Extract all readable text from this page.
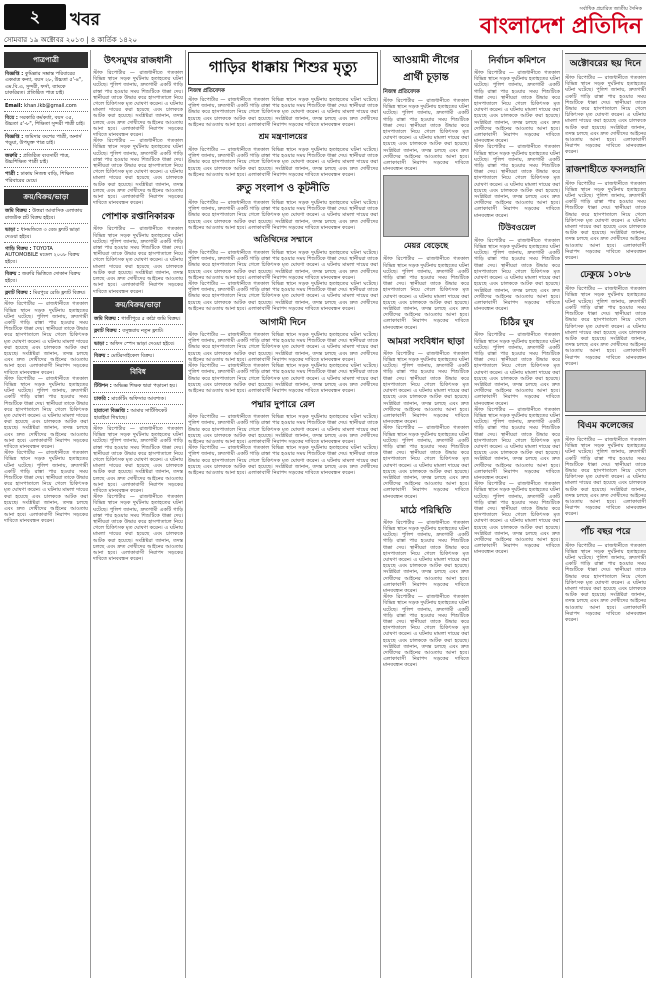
২	খবর
সোমবার ১৯ অক্টোবর ২০১৩ | ৪ কার্তিক ১৪২০
সর্বাধিক প্রচারিত জাতীয় দৈনিক
বাংলাদেশ প্রতিদিন
পাত্রপাত্রী
বিজ্ঞপ্তি : কুমিল্লার সম্ভ্রান্ত পরিবারের একমাত্র কন্যা, বয়স ২৮, উচ্চতা ৫'-৪", এম.বি.এ, সুন্দরী, ফর্সা, ব্যাংকে চাকরিরত। প্রতিষ্ঠিত পাত্র চাই।
Email: khan.ikb@gmail.com
বিয়ে : সরকারি কর্মকর্তা, বয়স ৩৫, উচ্চতা ৫'-৮", শিক্ষিতা সুন্দরী পাত্রী চাই।
বিজ্ঞপ্তি : জমিদার বংশের পাত্রী, অনার্স পড়ুয়া, উপযুক্ত পাত্র চাই।
জরুরি : প্রতিষ্ঠিত ব্যবসায়ী পাত্র, উচ্চশিক্ষিত পাত্রী চাই।
পাত্রী : ঢাকায় নিজস্ব বাড়ি, শিক্ষিত পরিবারের মেয়ে।
ক্রয়/বিক্রয়/ভাড়া
জমি বিক্রয় : উত্তরা আবাসিক এলাকায় রাজউক প্লট বিক্রয় হইবে।
ভাড়া : ধানমন্ডিতে ৩ বেড ফ্ল্যাট ভাড়া দেওয়া হইবে।
গাড়ি বিক্রয় : TOYOTA AUTOMOBILE মডেল ২০০৮ বিক্রয় হইবে।
বিক্রয় : জরুরি ভিত্তিতে দোকান বিক্রয় হইবে।
ফ্ল্যাট বিক্রয় : মিরপুরে রেডি ফ্ল্যাট বিক্রয়।
স্টাফ রিপোর্টার — রাজধানীতে গতকাল বিভিন্ন স্থানে সড়ক দুর্ঘটনায় হতাহতের ঘটনা ঘটেছে। পুলিশ জানায়, দ্রুতগামী একটি গাড়ি রাস্তা পার হওয়ার সময় শিশুটিকে ধাক্কা দেয়। স্থানীয়রা তাকে উদ্ধার করে হাসপাতালে নিয়ে গেলে চিকিৎসক মৃত ঘোষণা করেন। এ ঘটনায় মামলা দায়ের করা হয়েছে এবং চালককে আটক করা হয়েছে। সংশ্লিষ্টরা জানান, তদন্ত চলছে এবং দ্রুত দোষীদের আইনের আওতায় আনা হবে। এলাকাবাসী নিরাপদ সড়কের দাবিতে মানববন্ধন করেন।
স্টাফ রিপোর্টার — রাজধানীতে গতকাল বিভিন্ন স্থানে সড়ক দুর্ঘটনায় হতাহতের ঘটনা ঘটেছে। পুলিশ জানায়, দ্রুতগামী একটি গাড়ি রাস্তা পার হওয়ার সময় শিশুটিকে ধাক্কা দেয়। স্থানীয়রা তাকে উদ্ধার করে হাসপাতালে নিয়ে গেলে চিকিৎসক মৃত ঘোষণা করেন। এ ঘটনায় মামলা দায়ের করা হয়েছে এবং চালককে আটক করা হয়েছে। সংশ্লিষ্টরা জানান, তদন্ত চলছে এবং দ্রুত দোষীদের আইনের আওতায় আনা হবে। এলাকাবাসী নিরাপদ সড়কের দাবিতে মানববন্ধন করেন।
স্টাফ রিপোর্টার — রাজধানীতে গতকাল বিভিন্ন স্থানে সড়ক দুর্ঘটনায় হতাহতের ঘটনা ঘটেছে। পুলিশ জানায়, দ্রুতগামী একটি গাড়ি রাস্তা পার হওয়ার সময় শিশুটিকে ধাক্কা দেয়। স্থানীয়রা তাকে উদ্ধার করে হাসপাতালে নিয়ে গেলে চিকিৎসক মৃত ঘোষণা করেন। এ ঘটনায় মামলা দায়ের করা হয়েছে এবং চালককে আটক করা হয়েছে। সংশ্লিষ্টরা জানান, তদন্ত চলছে এবং দ্রুত দোষীদের আইনের আওতায় আনা হবে। এলাকাবাসী নিরাপদ সড়কের দাবিতে মানববন্ধন করেন।
উৎসমুখর রাজধানী
স্টাফ রিপোর্টার — রাজধানীতে গতকাল বিভিন্ন স্থানে সড়ক দুর্ঘটনায় হতাহতের ঘটনা ঘটেছে। পুলিশ জানায়, দ্রুতগামী একটি গাড়ি রাস্তা পার হওয়ার সময় শিশুটিকে ধাক্কা দেয়। স্থানীয়রা তাকে উদ্ধার করে হাসপাতালে নিয়ে গেলে চিকিৎসক মৃত ঘোষণা করেন। এ ঘটনায় মামলা দায়ের করা হয়েছে এবং চালককে আটক করা হয়েছে। সংশ্লিষ্টরা জানান, তদন্ত চলছে এবং দ্রুত দোষীদের আইনের আওতায় আনা হবে। এলাকাবাসী নিরাপদ সড়কের দাবিতে মানববন্ধন করেন।
স্টাফ রিপোর্টার — রাজধানীতে গতকাল বিভিন্ন স্থানে সড়ক দুর্ঘটনায় হতাহতের ঘটনা ঘটেছে। পুলিশ জানায়, দ্রুতগামী একটি গাড়ি রাস্তা পার হওয়ার সময় শিশুটিকে ধাক্কা দেয়। স্থানীয়রা তাকে উদ্ধার করে হাসপাতালে নিয়ে গেলে চিকিৎসক মৃত ঘোষণা করেন। এ ঘটনায় মামলা দায়ের করা হয়েছে এবং চালককে আটক করা হয়েছে। সংশ্লিষ্টরা জানান, তদন্ত চলছে এবং দ্রুত দোষীদের আইনের আওতায় আনা হবে। এলাকাবাসী নিরাপদ সড়কের দাবিতে মানববন্ধন করেন।
পোশাক রপ্তানিকারক
স্টাফ রিপোর্টার — রাজধানীতে গতকাল বিভিন্ন স্থানে সড়ক দুর্ঘটনায় হতাহতের ঘটনা ঘটেছে। পুলিশ জানায়, দ্রুতগামী একটি গাড়ি রাস্তা পার হওয়ার সময় শিশুটিকে ধাক্কা দেয়। স্থানীয়রা তাকে উদ্ধার করে হাসপাতালে নিয়ে গেলে চিকিৎসক মৃত ঘোষণা করেন। এ ঘটনায় মামলা দায়ের করা হয়েছে এবং চালককে আটক করা হয়েছে। সংশ্লিষ্টরা জানান, তদন্ত চলছে এবং দ্রুত দোষীদের আইনের আওতায় আনা হবে। এলাকাবাসী নিরাপদ সড়কের দাবিতে মানববন্ধন করেন।
ক্রয়/বিক্রয়/ভাড়া
জমি বিক্রয় : গাজীপুরে ৫ কাঠা জমি বিক্রয়।
ফ্ল্যাট বিক্রয় : বসুন্ধরায় নতুন ফ্ল্যাট।
ভাড়া : অফিস স্পেস ভাড়া দেওয়া হইবে।
বিক্রয় : মোটরসাইকেল বিক্রয়।
বিবিধ
টিউশন : অভিজ্ঞ শিক্ষক দ্বারা পড়ানো হয়।
চাকরি : মার্কেটিং অফিসার আবশ্যক।
হারানো বিজ্ঞপ্তি : আমার সার্টিফিকেট হারাইয়া গিয়াছে।
স্টাফ রিপোর্টার — রাজধানীতে গতকাল বিভিন্ন স্থানে সড়ক দুর্ঘটনায় হতাহতের ঘটনা ঘটেছে। পুলিশ জানায়, দ্রুতগামী একটি গাড়ি রাস্তা পার হওয়ার সময় শিশুটিকে ধাক্কা দেয়। স্থানীয়রা তাকে উদ্ধার করে হাসপাতালে নিয়ে গেলে চিকিৎসক মৃত ঘোষণা করেন। এ ঘটনায় মামলা দায়ের করা হয়েছে এবং চালককে আটক করা হয়েছে। সংশ্লিষ্টরা জানান, তদন্ত চলছে এবং দ্রুত দোষীদের আইনের আওতায় আনা হবে। এলাকাবাসী নিরাপদ সড়কের দাবিতে মানববন্ধন করেন।
স্টাফ রিপোর্টার — রাজধানীতে গতকাল বিভিন্ন স্থানে সড়ক দুর্ঘটনায় হতাহতের ঘটনা ঘটেছে। পুলিশ জানায়, দ্রুতগামী একটি গাড়ি রাস্তা পার হওয়ার সময় শিশুটিকে ধাক্কা দেয়। স্থানীয়রা তাকে উদ্ধার করে হাসপাতালে নিয়ে গেলে চিকিৎসক মৃত ঘোষণা করেন। এ ঘটনায় মামলা দায়ের করা হয়েছে এবং চালককে আটক করা হয়েছে। সংশ্লিষ্টরা জানান, তদন্ত চলছে এবং দ্রুত দোষীদের আইনের আওতায় আনা হবে। এলাকাবাসী নিরাপদ সড়কের দাবিতে মানববন্ধন করেন।
গাড়ির ধাক্কায় শিশুর মৃত্যু
নিজস্ব প্রতিবেদক
স্টাফ রিপোর্টার — রাজধানীতে গতকাল বিভিন্ন স্থানে সড়ক দুর্ঘটনায় হতাহতের ঘটনা ঘটেছে। পুলিশ জানায়, দ্রুতগামী একটি গাড়ি রাস্তা পার হওয়ার সময় শিশুটিকে ধাক্কা দেয়। স্থানীয়রা তাকে উদ্ধার করে হাসপাতালে নিয়ে গেলে চিকিৎসক মৃত ঘোষণা করেন। এ ঘটনায় মামলা দায়ের করা হয়েছে এবং চালককে আটক করা হয়েছে। সংশ্লিষ্টরা জানান, তদন্ত চলছে এবং দ্রুত দোষীদের আইনের আওতায় আনা হবে। এলাকাবাসী নিরাপদ সড়কের দাবিতে মানববন্ধন করেন।
শ্রম মন্ত্রণালয়ের
স্টাফ রিপোর্টার — রাজধানীতে গতকাল বিভিন্ন স্থানে সড়ক দুর্ঘটনায় হতাহতের ঘটনা ঘটেছে। পুলিশ জানায়, দ্রুতগামী একটি গাড়ি রাস্তা পার হওয়ার সময় শিশুটিকে ধাক্কা দেয়। স্থানীয়রা তাকে উদ্ধার করে হাসপাতালে নিয়ে গেলে চিকিৎসক মৃত ঘোষণা করেন। এ ঘটনায় মামলা দায়ের করা হয়েছে এবং চালককে আটক করা হয়েছে। সংশ্লিষ্টরা জানান, তদন্ত চলছে এবং দ্রুত দোষীদের আইনের আওতায় আনা হবে। এলাকাবাসী নিরাপদ সড়কের দাবিতে মানববন্ধন করেন।
রুতু সংলাপ ও কূটনীতি
স্টাফ রিপোর্টার — রাজধানীতে গতকাল বিভিন্ন স্থানে সড়ক দুর্ঘটনায় হতাহতের ঘটনা ঘটেছে। পুলিশ জানায়, দ্রুতগামী একটি গাড়ি রাস্তা পার হওয়ার সময় শিশুটিকে ধাক্কা দেয়। স্থানীয়রা তাকে উদ্ধার করে হাসপাতালে নিয়ে গেলে চিকিৎসক মৃত ঘোষণা করেন। এ ঘটনায় মামলা দায়ের করা হয়েছে এবং চালককে আটক করা হয়েছে। সংশ্লিষ্টরা জানান, তদন্ত চলছে এবং দ্রুত দোষীদের আইনের আওতায় আনা হবে। এলাকাবাসী নিরাপদ সড়কের দাবিতে মানববন্ধন করেন।
অতিথিদের সম্মানে
স্টাফ রিপোর্টার — রাজধানীতে গতকাল বিভিন্ন স্থানে সড়ক দুর্ঘটনায় হতাহতের ঘটনা ঘটেছে। পুলিশ জানায়, দ্রুতগামী একটি গাড়ি রাস্তা পার হওয়ার সময় শিশুটিকে ধাক্কা দেয়। স্থানীয়রা তাকে উদ্ধার করে হাসপাতালে নিয়ে গেলে চিকিৎসক মৃত ঘোষণা করেন। এ ঘটনায় মামলা দায়ের করা হয়েছে এবং চালককে আটক করা হয়েছে। সংশ্লিষ্টরা জানান, তদন্ত চলছে এবং দ্রুত দোষীদের আইনের আওতায় আনা হবে। এলাকাবাসী নিরাপদ সড়কের দাবিতে মানববন্ধন করেন।
স্টাফ রিপোর্টার — রাজধানীতে গতকাল বিভিন্ন স্থানে সড়ক দুর্ঘটনায় হতাহতের ঘটনা ঘটেছে। পুলিশ জানায়, দ্রুতগামী একটি গাড়ি রাস্তা পার হওয়ার সময় শিশুটিকে ধাক্কা দেয়। স্থানীয়রা তাকে উদ্ধার করে হাসপাতালে নিয়ে গেলে চিকিৎসক মৃত ঘোষণা করেন। এ ঘটনায় মামলা দায়ের করা হয়েছে এবং চালককে আটক করা হয়েছে। সংশ্লিষ্টরা জানান, তদন্ত চলছে এবং দ্রুত দোষীদের আইনের আওতায় আনা হবে। এলাকাবাসী নিরাপদ সড়কের দাবিতে মানববন্ধন করেন।
আগামী দিনে
স্টাফ রিপোর্টার — রাজধানীতে গতকাল বিভিন্ন স্থানে সড়ক দুর্ঘটনায় হতাহতের ঘটনা ঘটেছে। পুলিশ জানায়, দ্রুতগামী একটি গাড়ি রাস্তা পার হওয়ার সময় শিশুটিকে ধাক্কা দেয়। স্থানীয়রা তাকে উদ্ধার করে হাসপাতালে নিয়ে গেলে চিকিৎসক মৃত ঘোষণা করেন। এ ঘটনায় মামলা দায়ের করা হয়েছে এবং চালককে আটক করা হয়েছে। সংশ্লিষ্টরা জানান, তদন্ত চলছে এবং দ্রুত দোষীদের আইনের আওতায় আনা হবে। এলাকাবাসী নিরাপদ সড়কের দাবিতে মানববন্ধন করেন।
স্টাফ রিপোর্টার — রাজধানীতে গতকাল বিভিন্ন স্থানে সড়ক দুর্ঘটনায় হতাহতের ঘটনা ঘটেছে। পুলিশ জানায়, দ্রুতগামী একটি গাড়ি রাস্তা পার হওয়ার সময় শিশুটিকে ধাক্কা দেয়। স্থানীয়রা তাকে উদ্ধার করে হাসপাতালে নিয়ে গেলে চিকিৎসক মৃত ঘোষণা করেন। এ ঘটনায় মামলা দায়ের করা হয়েছে এবং চালককে আটক করা হয়েছে। সংশ্লিষ্টরা জানান, তদন্ত চলছে এবং দ্রুত দোষীদের আইনের আওতায় আনা হবে। এলাকাবাসী নিরাপদ সড়কের দাবিতে মানববন্ধন করেন।
পদ্মার দুপারে রেল
স্টাফ রিপোর্টার — রাজধানীতে গতকাল বিভিন্ন স্থানে সড়ক দুর্ঘটনায় হতাহতের ঘটনা ঘটেছে। পুলিশ জানায়, দ্রুতগামী একটি গাড়ি রাস্তা পার হওয়ার সময় শিশুটিকে ধাক্কা দেয়। স্থানীয়রা তাকে উদ্ধার করে হাসপাতালে নিয়ে গেলে চিকিৎসক মৃত ঘোষণা করেন। এ ঘটনায় মামলা দায়ের করা হয়েছে এবং চালককে আটক করা হয়েছে। সংশ্লিষ্টরা জানান, তদন্ত চলছে এবং দ্রুত দোষীদের আইনের আওতায় আনা হবে। এলাকাবাসী নিরাপদ সড়কের দাবিতে মানববন্ধন করেন।
স্টাফ রিপোর্টার — রাজধানীতে গতকাল বিভিন্ন স্থানে সড়ক দুর্ঘটনায় হতাহতের ঘটনা ঘটেছে। পুলিশ জানায়, দ্রুতগামী একটি গাড়ি রাস্তা পার হওয়ার সময় শিশুটিকে ধাক্কা দেয়। স্থানীয়রা তাকে উদ্ধার করে হাসপাতালে নিয়ে গেলে চিকিৎসক মৃত ঘোষণা করেন। এ ঘটনায় মামলা দায়ের করা হয়েছে এবং চালককে আটক করা হয়েছে। সংশ্লিষ্টরা জানান, তদন্ত চলছে এবং দ্রুত দোষীদের আইনের আওতায় আনা হবে। এলাকাবাসী নিরাপদ সড়কের দাবিতে মানববন্ধন করেন।
আওয়ামী লীগের প্রার্থী চূড়ান্ত
নিজস্ব প্রতিবেদক
স্টাফ রিপোর্টার — রাজধানীতে গতকাল বিভিন্ন স্থানে সড়ক দুর্ঘটনায় হতাহতের ঘটনা ঘটেছে। পুলিশ জানায়, দ্রুতগামী একটি গাড়ি রাস্তা পার হওয়ার সময় শিশুটিকে ধাক্কা দেয়। স্থানীয়রা তাকে উদ্ধার করে হাসপাতালে নিয়ে গেলে চিকিৎসক মৃত ঘোষণা করেন। এ ঘটনায় মামলা দায়ের করা হয়েছে এবং চালককে আটক করা হয়েছে। সংশ্লিষ্টরা জানান, তদন্ত চলছে এবং দ্রুত দোষীদের আইনের আওতায় আনা হবে। এলাকাবাসী নিরাপদ সড়কের দাবিতে মানববন্ধন করেন।
মেয়র বেড়েছে
স্টাফ রিপোর্টার — রাজধানীতে গতকাল বিভিন্ন স্থানে সড়ক দুর্ঘটনায় হতাহতের ঘটনা ঘটেছে। পুলিশ জানায়, দ্রুতগামী একটি গাড়ি রাস্তা পার হওয়ার সময় শিশুটিকে ধাক্কা দেয়। স্থানীয়রা তাকে উদ্ধার করে হাসপাতালে নিয়ে গেলে চিকিৎসক মৃত ঘোষণা করেন। এ ঘটনায় মামলা দায়ের করা হয়েছে এবং চালককে আটক করা হয়েছে। সংশ্লিষ্টরা জানান, তদন্ত চলছে এবং দ্রুত দোষীদের আইনের আওতায় আনা হবে। এলাকাবাসী নিরাপদ সড়কের দাবিতে মানববন্ধন করেন।
আমরা সংবিধান ছাড়া
স্টাফ রিপোর্টার — রাজধানীতে গতকাল বিভিন্ন স্থানে সড়ক দুর্ঘটনায় হতাহতের ঘটনা ঘটেছে। পুলিশ জানায়, দ্রুতগামী একটি গাড়ি রাস্তা পার হওয়ার সময় শিশুটিকে ধাক্কা দেয়। স্থানীয়রা তাকে উদ্ধার করে হাসপাতালে নিয়ে গেলে চিকিৎসক মৃত ঘোষণা করেন। এ ঘটনায় মামলা দায়ের করা হয়েছে এবং চালককে আটক করা হয়েছে। সংশ্লিষ্টরা জানান, তদন্ত চলছে এবং দ্রুত দোষীদের আইনের আওতায় আনা হবে। এলাকাবাসী নিরাপদ সড়কের দাবিতে মানববন্ধন করেন।
স্টাফ রিপোর্টার — রাজধানীতে গতকাল বিভিন্ন স্থানে সড়ক দুর্ঘটনায় হতাহতের ঘটনা ঘটেছে। পুলিশ জানায়, দ্রুতগামী একটি গাড়ি রাস্তা পার হওয়ার সময় শিশুটিকে ধাক্কা দেয়। স্থানীয়রা তাকে উদ্ধার করে হাসপাতালে নিয়ে গেলে চিকিৎসক মৃত ঘোষণা করেন। এ ঘটনায় মামলা দায়ের করা হয়েছে এবং চালককে আটক করা হয়েছে। সংশ্লিষ্টরা জানান, তদন্ত চলছে এবং দ্রুত দোষীদের আইনের আওতায় আনা হবে। এলাকাবাসী নিরাপদ সড়কের দাবিতে মানববন্ধন করেন।
মাঠে পরিস্থিতি
স্টাফ রিপোর্টার — রাজধানীতে গতকাল বিভিন্ন স্থানে সড়ক দুর্ঘটনায় হতাহতের ঘটনা ঘটেছে। পুলিশ জানায়, দ্রুতগামী একটি গাড়ি রাস্তা পার হওয়ার সময় শিশুটিকে ধাক্কা দেয়। স্থানীয়রা তাকে উদ্ধার করে হাসপাতালে নিয়ে গেলে চিকিৎসক মৃত ঘোষণা করেন। এ ঘটনায় মামলা দায়ের করা হয়েছে এবং চালককে আটক করা হয়েছে। সংশ্লিষ্টরা জানান, তদন্ত চলছে এবং দ্রুত দোষীদের আইনের আওতায় আনা হবে। এলাকাবাসী নিরাপদ সড়কের দাবিতে মানববন্ধন করেন।
স্টাফ রিপোর্টার — রাজধানীতে গতকাল বিভিন্ন স্থানে সড়ক দুর্ঘটনায় হতাহতের ঘটনা ঘটেছে। পুলিশ জানায়, দ্রুতগামী একটি গাড়ি রাস্তা পার হওয়ার সময় শিশুটিকে ধাক্কা দেয়। স্থানীয়রা তাকে উদ্ধার করে হাসপাতালে নিয়ে গেলে চিকিৎসক মৃত ঘোষণা করেন। এ ঘটনায় মামলা দায়ের করা হয়েছে এবং চালককে আটক করা হয়েছে। সংশ্লিষ্টরা জানান, তদন্ত চলছে এবং দ্রুত দোষীদের আইনের আওতায় আনা হবে। এলাকাবাসী নিরাপদ সড়কের দাবিতে মানববন্ধন করেন।
নির্বাচন কমিশনে
স্টাফ রিপোর্টার — রাজধানীতে গতকাল বিভিন্ন স্থানে সড়ক দুর্ঘটনায় হতাহতের ঘটনা ঘটেছে। পুলিশ জানায়, দ্রুতগামী একটি গাড়ি রাস্তা পার হওয়ার সময় শিশুটিকে ধাক্কা দেয়। স্থানীয়রা তাকে উদ্ধার করে হাসপাতালে নিয়ে গেলে চিকিৎসক মৃত ঘোষণা করেন। এ ঘটনায় মামলা দায়ের করা হয়েছে এবং চালককে আটক করা হয়েছে। সংশ্লিষ্টরা জানান, তদন্ত চলছে এবং দ্রুত দোষীদের আইনের আওতায় আনা হবে। এলাকাবাসী নিরাপদ সড়কের দাবিতে মানববন্ধন করেন।
স্টাফ রিপোর্টার — রাজধানীতে গতকাল বিভিন্ন স্থানে সড়ক দুর্ঘটনায় হতাহতের ঘটনা ঘটেছে। পুলিশ জানায়, দ্রুতগামী একটি গাড়ি রাস্তা পার হওয়ার সময় শিশুটিকে ধাক্কা দেয়। স্থানীয়রা তাকে উদ্ধার করে হাসপাতালে নিয়ে গেলে চিকিৎসক মৃত ঘোষণা করেন। এ ঘটনায় মামলা দায়ের করা হয়েছে এবং চালককে আটক করা হয়েছে। সংশ্লিষ্টরা জানান, তদন্ত চলছে এবং দ্রুত দোষীদের আইনের আওতায় আনা হবে। এলাকাবাসী নিরাপদ সড়কের দাবিতে মানববন্ধন করেন।
টিউবওয়েল
স্টাফ রিপোর্টার — রাজধানীতে গতকাল বিভিন্ন স্থানে সড়ক দুর্ঘটনায় হতাহতের ঘটনা ঘটেছে। পুলিশ জানায়, দ্রুতগামী একটি গাড়ি রাস্তা পার হওয়ার সময় শিশুটিকে ধাক্কা দেয়। স্থানীয়রা তাকে উদ্ধার করে হাসপাতালে নিয়ে গেলে চিকিৎসক মৃত ঘোষণা করেন। এ ঘটনায় মামলা দায়ের করা হয়েছে এবং চালককে আটক করা হয়েছে। সংশ্লিষ্টরা জানান, তদন্ত চলছে এবং দ্রুত দোষীদের আইনের আওতায় আনা হবে। এলাকাবাসী নিরাপদ সড়কের দাবিতে মানববন্ধন করেন।
চিঠির ঘুষ
স্টাফ রিপোর্টার — রাজধানীতে গতকাল বিভিন্ন স্থানে সড়ক দুর্ঘটনায় হতাহতের ঘটনা ঘটেছে। পুলিশ জানায়, দ্রুতগামী একটি গাড়ি রাস্তা পার হওয়ার সময় শিশুটিকে ধাক্কা দেয়। স্থানীয়রা তাকে উদ্ধার করে হাসপাতালে নিয়ে গেলে চিকিৎসক মৃত ঘোষণা করেন। এ ঘটনায় মামলা দায়ের করা হয়েছে এবং চালককে আটক করা হয়েছে। সংশ্লিষ্টরা জানান, তদন্ত চলছে এবং দ্রুত দোষীদের আইনের আওতায় আনা হবে। এলাকাবাসী নিরাপদ সড়কের দাবিতে মানববন্ধন করেন।
স্টাফ রিপোর্টার — রাজধানীতে গতকাল বিভিন্ন স্থানে সড়ক দুর্ঘটনায় হতাহতের ঘটনা ঘটেছে। পুলিশ জানায়, দ্রুতগামী একটি গাড়ি রাস্তা পার হওয়ার সময় শিশুটিকে ধাক্কা দেয়। স্থানীয়রা তাকে উদ্ধার করে হাসপাতালে নিয়ে গেলে চিকিৎসক মৃত ঘোষণা করেন। এ ঘটনায় মামলা দায়ের করা হয়েছে এবং চালককে আটক করা হয়েছে। সংশ্লিষ্টরা জানান, তদন্ত চলছে এবং দ্রুত দোষীদের আইনের আওতায় আনা হবে। এলাকাবাসী নিরাপদ সড়কের দাবিতে মানববন্ধন করেন।
স্টাফ রিপোর্টার — রাজধানীতে গতকাল বিভিন্ন স্থানে সড়ক দুর্ঘটনায় হতাহতের ঘটনা ঘটেছে। পুলিশ জানায়, দ্রুতগামী একটি গাড়ি রাস্তা পার হওয়ার সময় শিশুটিকে ধাক্কা দেয়। স্থানীয়রা তাকে উদ্ধার করে হাসপাতালে নিয়ে গেলে চিকিৎসক মৃত ঘোষণা করেন। এ ঘটনায় মামলা দায়ের করা হয়েছে এবং চালককে আটক করা হয়েছে। সংশ্লিষ্টরা জানান, তদন্ত চলছে এবং দ্রুত দোষীদের আইনের আওতায় আনা হবে। এলাকাবাসী নিরাপদ সড়কের দাবিতে মানববন্ধন করেন।
অক্টোবরের ছয় দিনে
স্টাফ রিপোর্টার — রাজধানীতে গতকাল বিভিন্ন স্থানে সড়ক দুর্ঘটনায় হতাহতের ঘটনা ঘটেছে। পুলিশ জানায়, দ্রুতগামী একটি গাড়ি রাস্তা পার হওয়ার সময় শিশুটিকে ধাক্কা দেয়। স্থানীয়রা তাকে উদ্ধার করে হাসপাতালে নিয়ে গেলে চিকিৎসক মৃত ঘোষণা করেন। এ ঘটনায় মামলা দায়ের করা হয়েছে এবং চালককে আটক করা হয়েছে। সংশ্লিষ্টরা জানান, তদন্ত চলছে এবং দ্রুত দোষীদের আইনের আওতায় আনা হবে। এলাকাবাসী নিরাপদ সড়কের দাবিতে মানববন্ধন করেন।
রাজশাহীতে ফসলহানি
স্টাফ রিপোর্টার — রাজধানীতে গতকাল বিভিন্ন স্থানে সড়ক দুর্ঘটনায় হতাহতের ঘটনা ঘটেছে। পুলিশ জানায়, দ্রুতগামী একটি গাড়ি রাস্তা পার হওয়ার সময় শিশুটিকে ধাক্কা দেয়। স্থানীয়রা তাকে উদ্ধার করে হাসপাতালে নিয়ে গেলে চিকিৎসক মৃত ঘোষণা করেন। এ ঘটনায় মামলা দায়ের করা হয়েছে এবং চালককে আটক করা হয়েছে। সংশ্লিষ্টরা জানান, তদন্ত চলছে এবং দ্রুত দোষীদের আইনের আওতায় আনা হবে। এলাকাবাসী নিরাপদ সড়কের দাবিতে মানববন্ধন করেন।
ঢেকুয়ে ১০৮৬
স্টাফ রিপোর্টার — রাজধানীতে গতকাল বিভিন্ন স্থানে সড়ক দুর্ঘটনায় হতাহতের ঘটনা ঘটেছে। পুলিশ জানায়, দ্রুতগামী একটি গাড়ি রাস্তা পার হওয়ার সময় শিশুটিকে ধাক্কা দেয়। স্থানীয়রা তাকে উদ্ধার করে হাসপাতালে নিয়ে গেলে চিকিৎসক মৃত ঘোষণা করেন। এ ঘটনায় মামলা দায়ের করা হয়েছে এবং চালককে আটক করা হয়েছে। সংশ্লিষ্টরা জানান, তদন্ত চলছে এবং দ্রুত দোষীদের আইনের আওতায় আনা হবে। এলাকাবাসী নিরাপদ সড়কের দাবিতে মানববন্ধন করেন।
বিএম কলেজের
স্টাফ রিপোর্টার — রাজধানীতে গতকাল বিভিন্ন স্থানে সড়ক দুর্ঘটনায় হতাহতের ঘটনা ঘটেছে। পুলিশ জানায়, দ্রুতগামী একটি গাড়ি রাস্তা পার হওয়ার সময় শিশুটিকে ধাক্কা দেয়। স্থানীয়রা তাকে উদ্ধার করে হাসপাতালে নিয়ে গেলে চিকিৎসক মৃত ঘোষণা করেন। এ ঘটনায় মামলা দায়ের করা হয়েছে এবং চালককে আটক করা হয়েছে। সংশ্লিষ্টরা জানান, তদন্ত চলছে এবং দ্রুত দোষীদের আইনের আওতায় আনা হবে। এলাকাবাসী নিরাপদ সড়কের দাবিতে মানববন্ধন করেন।
পাঁচ বছর পরে
স্টাফ রিপোর্টার — রাজধানীতে গতকাল বিভিন্ন স্থানে সড়ক দুর্ঘটনায় হতাহতের ঘটনা ঘটেছে। পুলিশ জানায়, দ্রুতগামী একটি গাড়ি রাস্তা পার হওয়ার সময় শিশুটিকে ধাক্কা দেয়। স্থানীয়রা তাকে উদ্ধার করে হাসপাতালে নিয়ে গেলে চিকিৎসক মৃত ঘোষণা করেন। এ ঘটনায় মামলা দায়ের করা হয়েছে এবং চালককে আটক করা হয়েছে। সংশ্লিষ্টরা জানান, তদন্ত চলছে এবং দ্রুত দোষীদের আইনের আওতায় আনা হবে। এলাকাবাসী নিরাপদ সড়কের দাবিতে মানববন্ধন করেন।
